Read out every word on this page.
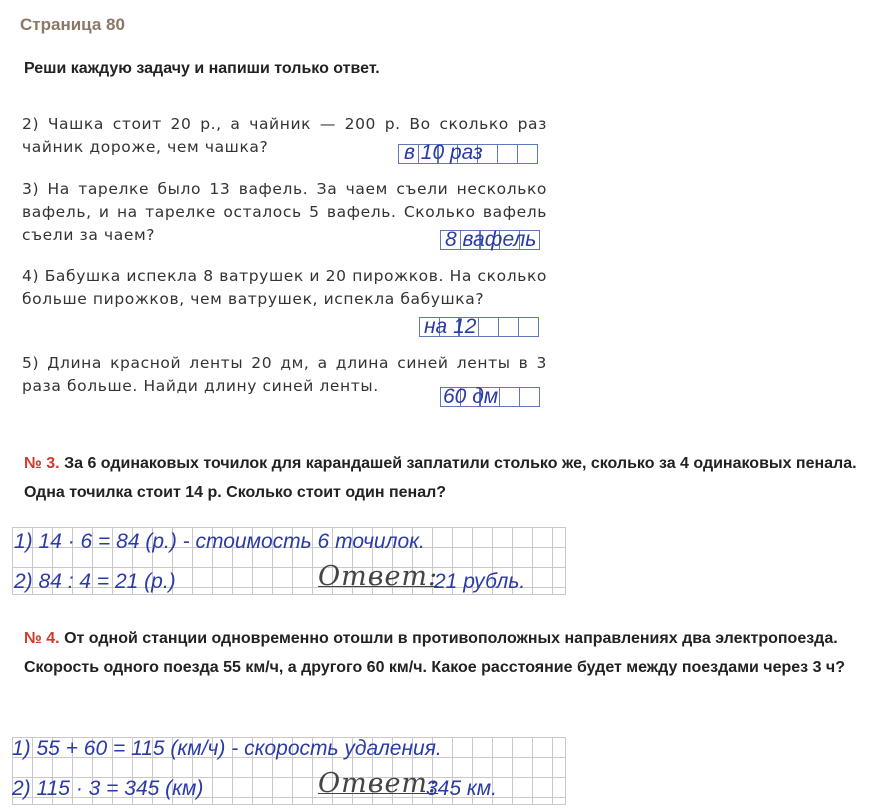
Страница 80
Реши каждую задачу и напиши только ответ.
2) Чашка стоит 20 р., а чайник — 200 р. Во сколько раз чайник дороже, чем чашка?	в 10 раз
3) На тарелке было 13 вафель. За чаем съели несколько вафель, и на тарелке осталось 5 вафель. Сколько вафель съели за чаем?	8 вафель
4) Бабушка испекла 8 ватрушек и 20 пирожков. На сколько больше пирожков, чем ватрушек, испекла бабушка?
на 12
5) Длина красной ленты 20 дм, а длина синей ленты в 3 раза больше. Найди длину синей ленты.	60 дм
№ 3. За 6 одинаковых точилок для карандашей заплатили столько же, сколько за 4 одинаковых пенала. Одна точилка стоит 14 р. Сколько стоит один пенал?
1) 14 · 6 = 84 (р.) - стоимость 6 точилок.
2) 84 : 4 = 21 (р.)	Ответ:
21 рубль.
№ 4. От одной станции одновременно отошли в противоположных направлениях два электропоезда. Скорость одного поезда 55 км/ч, а другого 60 км/ч. Какое расстояние будет между поездами через 3 ч?
1) 55 + 60 = 115 (км/ч) - скорость удаления.
2) 115 · 3 = 345 (км)	Ответ:
345 км.
